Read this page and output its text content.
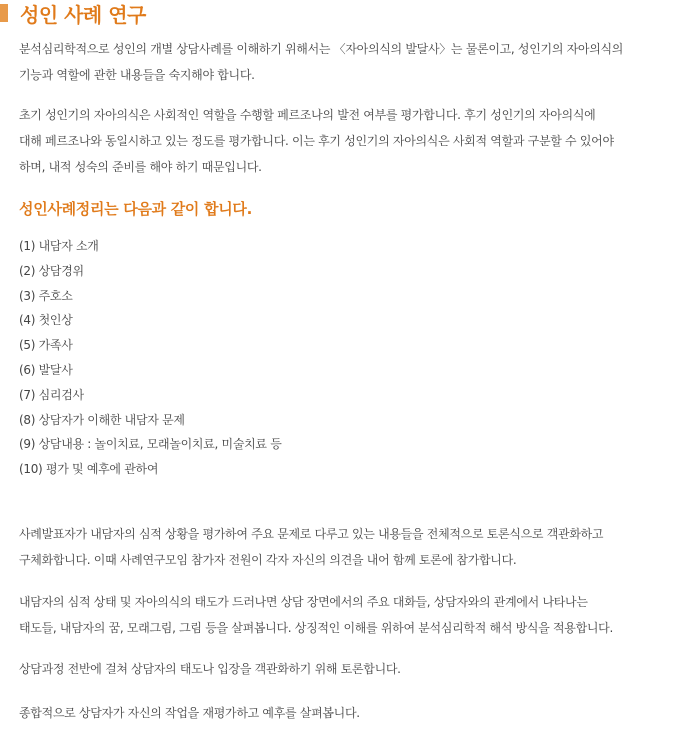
성인 사례 연구

분석심리학적으로 성인의 개별 상담사례를 이해하기 위해서는 〈자아의식의 발달사〉는 물론이고, 성인기의 자아의식의
기능과 역할에 관한 내용들을 숙지해야 합니다.

초기 성인기의 자아의식은 사회적인 역할을 수행할 페르조나의 발전 여부를 평가합니다. 후기 성인기의 자아의식에
대해 페르조나와 동일시하고 있는 정도를 평가합니다. 이는 후기 성인기의 자아의식은 사회적 역할과 구분할 수 있어야
하며, 내적 성숙의 준비를 해야 하기 때문입니다.

성인사례정리는 다음과 같이 합니다.
(1) 내담자 소개
(2) 상담경위
(3) 주호소
(4) 첫인상
(5) 가족사
(6) 발달사
(7) 심리검사
(8) 상담자가 이해한 내담자 문제
(9) 상담내용 : 놀이치료, 모래놀이치료, 미술치료 등
(10) 평가 및 예후에 관하여

사례발표자가 내담자의 심적 상황을 평가하여 주요 문제로 다루고 있는 내용들을 전체적으로 토론식으로 객관화하고
구체화합니다. 이때 사례연구모임 참가자 전원이 각자 자신의 의견을 내어 함께 토론에 참가합니다.

내담자의 심적 상태 및 자아의식의 태도가 드러나면 상담 장면에서의 주요 대화들, 상담자와의 관계에서 나타나는
태도들, 내담자의 꿈, 모래그림, 그림 등을 살펴봅니다. 상징적인 이해를 위하여 분석심리학적 해석 방식을 적용합니다.

상담과정 전반에 걸쳐 상담자의 태도나 입장을 객관화하기 위해 토론합니다.

종합적으로 상담자가 자신의 작업을 재평가하고 예후를 살펴봅니다.
